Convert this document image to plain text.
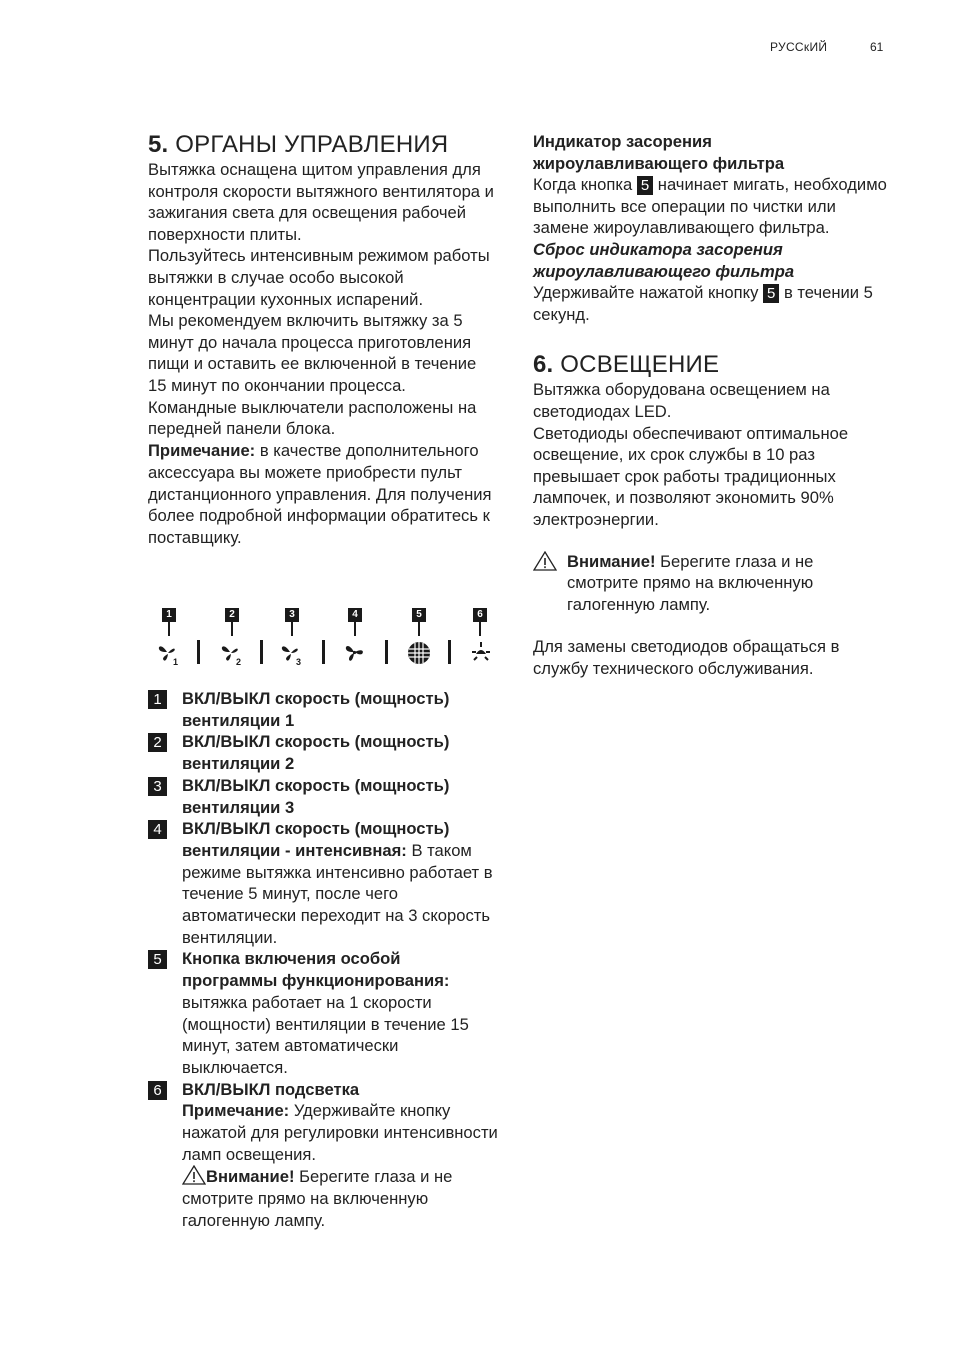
РУССкИЙ	61
5. ОРГАНЫ УПРАВЛЕНИЯ

Вытяжка оснащена щитом управления для контроля скорости вытяжного вентилятора и зажигания света для освещения рабочей поверхности плиты.

Пользуйтесь интенсивным режимом работы вытяжки в случае особо высокой концентрации кухонных испарений.

Мы рекомендуем включить вытяжку за 5 минут до начала процесса приготовления пищи и оставить ее включенной в течение 15 минут по окончании процесса.

Командные выключатели расположены на передней панели блока.

Примечание: в качестве дополнительного аксессуара вы можете приобрести пульт дистанционного управления. Для получения более подробной информации обратитесь к поставщику.

1	2	3	4	5	6
1	2	3
1	ВКЛ/ВЫКЛ скорость (мощность) вентиляции 1
2	ВКЛ/ВЫКЛ скорость (мощность) вентиляции 2
3	ВКЛ/ВЫКЛ скорость (мощность) вентиляции 3
4	ВКЛ/ВЫКЛ скорость (мощность) вентиляции - интенсивная: В таком режиме вытяжка интенсивно работает в течение 5 минут, после чего автоматически переходит на 3 скорость вентиляции.
5	Кнопка включения особой программы функционирования: вытяжка работает на 1 скорости (мощности) вентиляции в течение 15 минут, затем автоматически выключается.
6	ВКЛ/ВЫКЛ подсветка
Примечание: Удерживайте кнопку нажатой для регулировки интенсивности ламп освещения.
Внимание! Берегите глаза и не смотрите прямо на включенную галогенную лампу.

Индикатор засорения жироулавливающего фильтра

Когда кнопка 5 начинает мигать, необходимо выполнить все операции по чистки или замене жироулавливающего фильтра.

Сброс индикатора засорения жироулавливающего фильтра

Удерживайте нажатой кнопку 5 в течении 5 секунд.

6. ОСВЕЩЕНИЕ

Вытяжка оборудована освещением на светодиодах LED.

Светодиоды обеспечивают оптимальное освещение, их срок службы в 10 раз превышает срок работы традиционных лампочек, и позволяют экономить 90% электроэнергии.

Внимание! Берегите глаза и не смотрите прямо на включенную галогенную лампу.

Для замены светодиодов обращаться в службу технического обслуживания.
